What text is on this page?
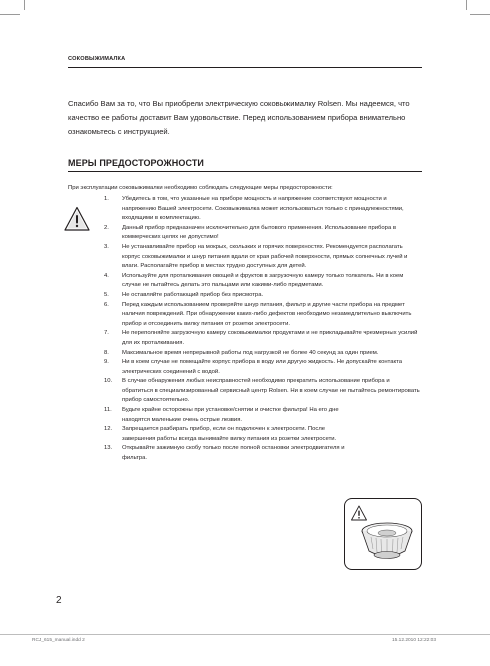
СОКОВЫЖИМАЛКА

Спасибо Вам за то, что Вы приобрели электрическую соковыжималку Rolsen. Мы надеемся, что качество ее работы доставит Вам удовольствие. Перед использованием прибора внимательно ознакомьтесь с инструкцией.

МЕРЫ ПРЕДОСТОРОЖНОСТИ
При эксплуатации соковыжималки необходимо соблюдать следующие меры предосторожности:
1.	Убедитесь в том, что указанные на приборе мощность и напряжение соответствуют мощности и напряжению Вашей электросети. Соковыжималка может использоваться только с принадлежностями, входящими в комплектацию.
2.	Данный прибор предназначен исключительно для бытового применения. Использование прибора в коммерческих целях не допустимо!
3.	Не устанавливайте прибор на мокрых, скользких и горячих поверхностях. Рекомендуется располагать корпус соковыжималки и шнур питания вдали от края рабочей поверхности, прямых солнечных лучей и влаги. Располагайте прибор в местах трудно доступных для детей.
4.	Используйте для проталкивания овощей и фруктов в загрузочную камеру только толкатель. Ни в коем случае не пытайтесь делать это пальцами или какими-либо предметами.
5.	Не оставляйте работающий прибор без присмотра.
6.	Перед каждым использованием проверяйте шнур питания, фильтр и другие части прибора на предмет наличия повреждений. При обнаружении каких-либо дефектов необходимо незамедлительно выключить прибор и отсоединить вилку питания от розетки электросети.
7.	Не переполняйте загрузочную камеру соковыжималки продуктами и не прикладывайте чрезмерных усилий для их проталкивания.
8.	Максимальное время непрерывной работы под нагрузкой не более 40 секунд за один прием.
9.	Ни в коем случае не помещайте корпус прибора в воду или другую жидкость. Не допускайте контакта электрических соединений с водой.
10.	В случае обнаружения любых неисправностей необходимо прекратить использование прибора и обратиться в специализированный сервисный центр Rolsen. Ни в коем случае не пытайтесь ремонтировать прибор самостоятельно.
11.	Будьте крайне осторожны при установке/снятии и очистке фильтра! На его дне находятся маленькие очень острые лезвия.
12.	Запрещается разбирать прибор, если он подключен к электросети. После завершения работы всегда вынимайте вилку питания из розетки электросети.
13.	Открывайте зажимную скобу только после полной остановки электродвигателя и фильтра.
2
RCJ_615_manual.indd 2	15.12.2010 12:22:03
